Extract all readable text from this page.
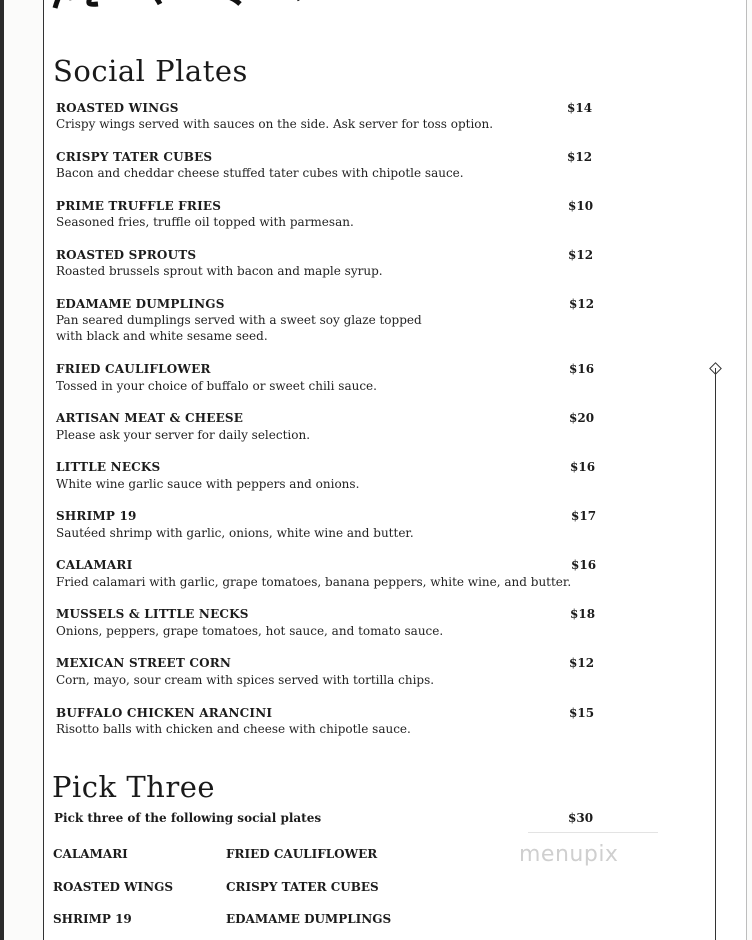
Social Plates
ROASTED WINGS
Crispy wings served with sauces on the side. Ask server for toss option.
$14
CRISPY TATER CUBES
Bacon and cheddar cheese stuffed tater cubes with chipotle sauce.
$12
PRIME TRUFFLE FRIES
Seasoned fries, truffle oil topped with parmesan.
$10
ROASTED SPROUTS
Roasted brussels sprout with bacon and maple syrup.
$12
EDAMAME DUMPLINGS
Pan seared dumplings served with a sweet soy glaze topped
with black and white sesame seed.
$12
FRIED CAULIFLOWER
Tossed in your choice of buffalo or sweet chili sauce.
$16
ARTISAN MEAT & CHEESE
Please ask your server for daily selection.
$20
LITTLE NECKS
White wine garlic sauce with peppers and onions.
$16
SHRIMP 19
Sautéed shrimp with garlic, onions, white wine and butter.
$17
CALAMARI
Fried calamari with garlic, grape tomatoes, banana peppers, white wine, and butter.
$16
MUSSELS & LITTLE NECKS
Onions, peppers, grape tomatoes, hot sauce, and tomato sauce.
$18
MEXICAN STREET CORN
Corn, mayo, sour cream with spices served with tortilla chips.
$12
BUFFALO CHICKEN ARANCINI
Risotto balls with chicken and cheese with chipotle sauce.
$15
Pick Three
Pick three of the following social plates	$30
CALAMARI
ROASTED WINGS
SHRIMP 19
FRIED CAULIFLOWER
CRISPY TATER CUBES
EDAMAME DUMPLINGS
menupix
